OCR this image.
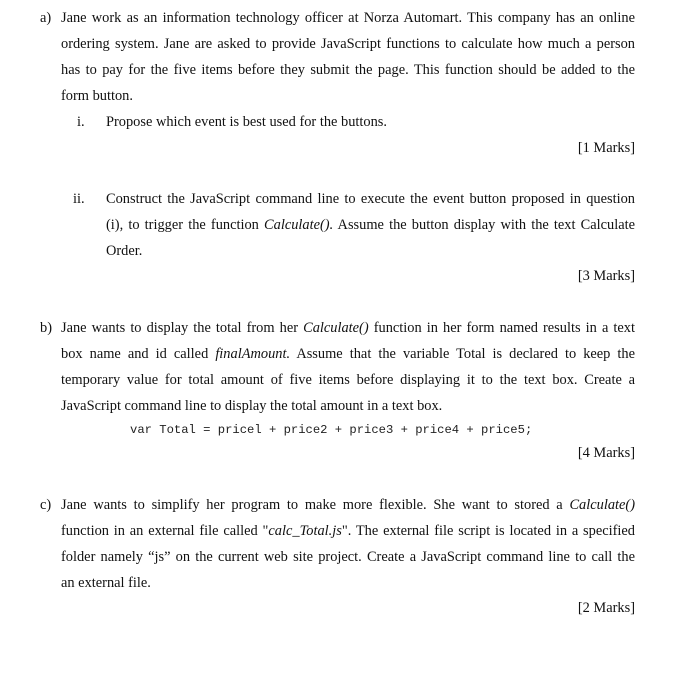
a) Jane work as an information technology officer at Norza Automart. This company has an online
ordering system. Jane are asked to provide JavaScript functions to calculate how much a person
has to pay for the five items before they submit the page. This function should be added to the
form button.
i. Propose which event is best used for the buttons.
[1 Marks]
ii. Construct the JavaScript command line to execute the event button proposed in question
(i), to trigger the function Calculate(). Assume the button display with the text Calculate
Order.
[3 Marks]
b) Jane wants to display the total from her Calculate() function in her form named results in a text
box name and id called finalAmount. Assume that the variable Total is declared to keep the
temporary value for total amount of five items before displaying it to the text box. Create a
JavaScript command line to display the total amount in a text box.
var Total = pricel + price2 + price3 + price4 + price5;
[4 Marks]
c) Jane wants to simplify her program to make more flexible. She want to stored a Calculate()
function in an external file called "calc_Total.js". The external file script is located in a specified
folder namely “js” on the current web site project. Create a JavaScript command line to call the
an external file.
[2 Marks]
